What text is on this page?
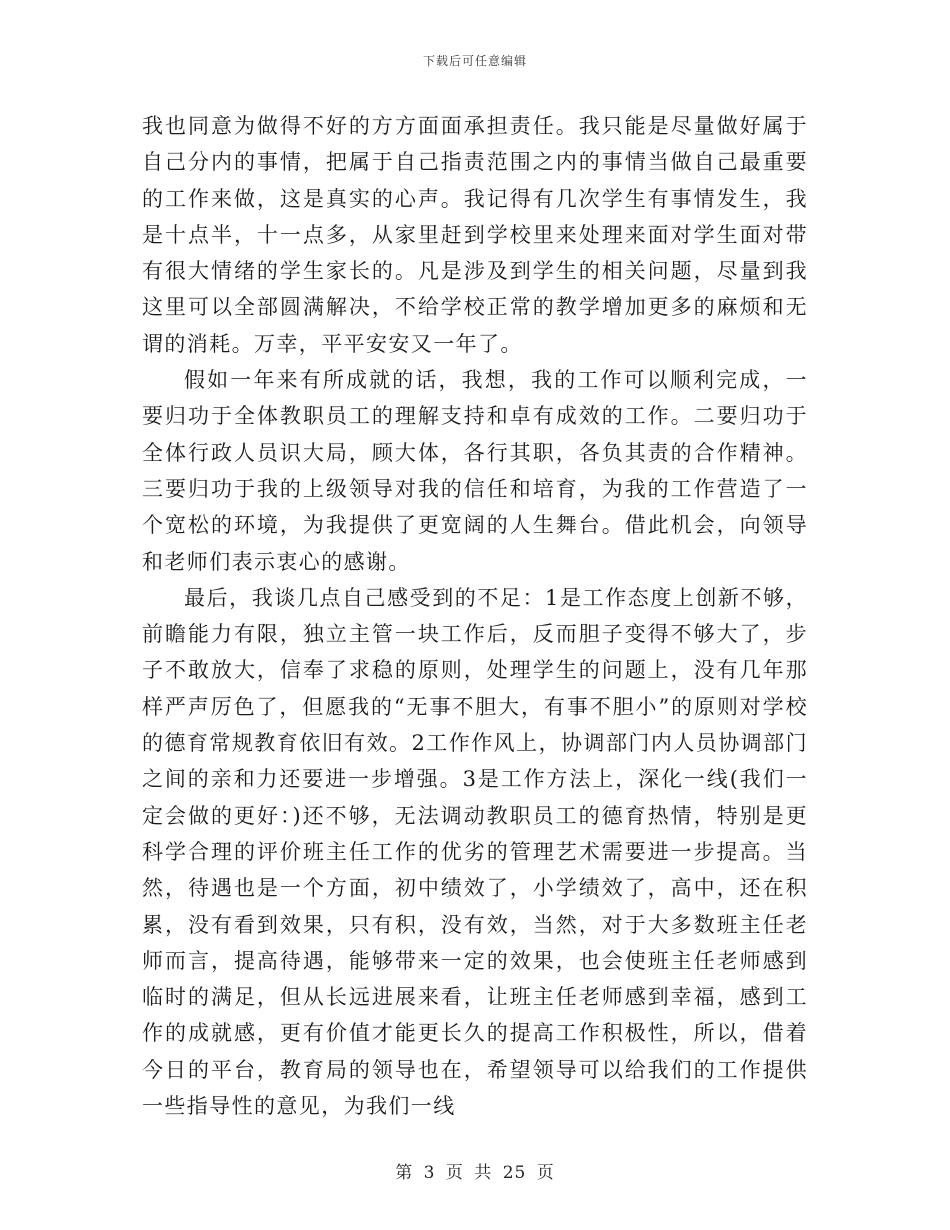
下载后可任意编辑

我也同意为做得不好的方方面面承担责任。我只能是尽量做好属于自己分内的事情，把属于自己指责范围之内的事情当做自己最重要的工作来做，这是真实的心声。我记得有几次学生有事情发生，我是十点半，十一点多，从家里赶到学校里来处理来面对学生面对带有很大情绪的学生家长的。凡是涉及到学生的相关问题，尽量到我这里可以全部圆满解决，不给学校正常的教学增加更多的麻烦和无谓的消耗。万幸，平平安安又一年了。

假如一年来有所成就的话，我想，我的工作可以顺利完成，一要归功于全体教职员工的理解支持和卓有成效的工作。二要归功于全体行政人员识大局，顾大体，各行其职，各负其责的合作精神。三要归功于我的上级领导对我的信任和培育，为我的工作营造了一个宽松的环境，为我提供了更宽阔的人生舞台。借此机会，向领导和老师们表示衷心的感谢。

最后，我谈几点自己感受到的不足：1是工作态度上创新不够，前瞻能力有限，独立主管一块工作后，反而胆子变得不够大了，步子不敢放大，信奉了求稳的原则，处理学生的问题上，没有几年那样严声厉色了，但愿我的“无事不胆大，有事不胆小”的原则对学校的德育常规教育依旧有效。2工作作风上，协调部门内人员协调部门之间的亲和力还要进一步增强。3是工作方法上，深化一线(我们一定会做的更好：)还不够，无法调动教职员工的德育热情，特别是更科学合理的评价班主任工作的优劣的管理艺术需要进一步提高。当然，待遇也是一个方面，初中绩效了，小学绩效了，高中，还在积累，没有看到效果，只有积，没有效，当然，对于大多数班主任老师而言，提高待遇，能够带来一定的效果，也会使班主任老师感到临时的满足，但从长远进展来看，让班主任老师感到幸福，感到工作的成就感，更有价值才能更长久的提高工作积极性，所以，借着今日的平台，教育局的领导也在，希望领导可以给我们的工作提供一些指导性的意见，为我们一线

第 3 页 共 25 页
